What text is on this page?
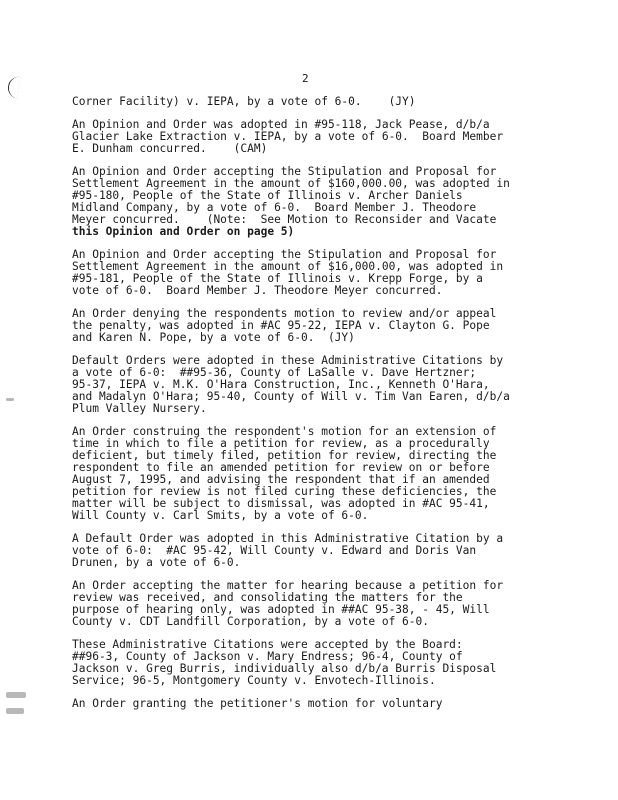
2
Corner Facility) v. IEPA, by a vote of 6-0.    (JY)
An Opinion and Order was adopted in #95-118, Jack Pease, d/b/a
Glacier Lake Extraction v. IEPA, by a vote of 6-0.  Board Member
E. Dunham concurred.    (CAM)
An Opinion and Order accepting the Stipulation and Proposal for
Settlement Agreement in the amount of $160,000.00, was adopted in
#95-180, People of the State of Illinois v. Archer Daniels
Midland Company, by a vote of 6-0.  Board Member J. Theodore
Meyer concurred.    (Note:  See Motion to Reconsider and Vacate
this Opinion and Order on page 5)
An Opinion and Order accepting the Stipulation and Proposal for
Settlement Agreement in the amount of $16,000.00, was adopted in
#95-181, People of the State of Illinois v. Krepp Forge, by a
vote of 6-0.  Board Member J. Theodore Meyer concurred.
An Order denying the respondents motion to review and/or appeal
the penalty, was adopted in #AC 95-22, IEPA v. Clayton G. Pope
and Karen N. Pope, by a vote of 6-0.  (JY)
Default Orders were adopted in these Administrative Citations by
a vote of 6-0:  ##95-36, County of LaSalle v. Dave Hertzner;
95-37, IEPA v. M.K. O'Hara Construction, Inc., Kenneth O'Hara,
and Madalyn O'Hara; 95-40, County of Will v. Tim Van Earen, d/b/a
Plum Valley Nursery.
An Order construing the respondent's motion for an extension of
time in which to file a petition for review, as a procedurally
deficient, but timely filed, petition for review, directing the
respondent to file an amended petition for review on or before
August 7, 1995, and advising the respondent that if an amended
petition for review is not filed curing these deficiencies, the
matter will be subject to dismissal, was adopted in #AC 95-41,
Will County v. Carl Smits, by a vote of 6-0.
A Default Order was adopted in this Administrative Citation by a
vote of 6-0:  #AC 95-42, Will County v. Edward and Doris Van
Drunen, by a vote of 6-0.
An Order accepting the matter for hearing because a petition for
review was received, and consolidating the matters for the
purpose of hearing only, was adopted in ##AC 95-38, - 45, Will
County v. CDT Landfill Corporation, by a vote of 6-0.
These Administrative Citations were accepted by the Board:
##96-3, County of Jackson v. Mary Endress; 96-4, County of
Jackson v. Greg Burris, individually also d/b/a Burris Disposal
Service; 96-5, Montgomery County v. Envotech-Illinois.
An Order granting the petitioner's motion for voluntary
